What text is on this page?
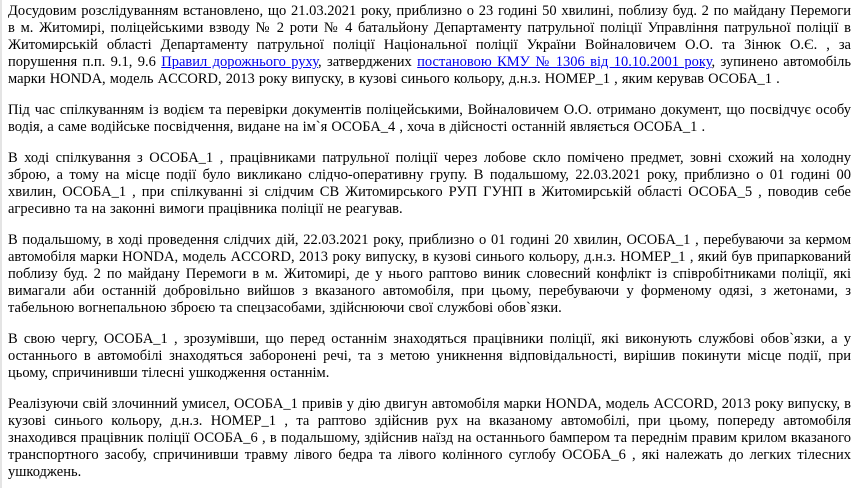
Досудовим розслідуванням встановлено, що 21.03.2021 року, приблизно о 23 годині 50 хвилині, поблизу буд. 2 по майдану Перемоги в м. Житомирі, поліцейськими взводу № 2 роти № 4 батальйону Департаменту патрульної поліції Управління патрульної поліції в Житомирській області Департаменту патрульної поліції Національної поліції України Войналовичем О.О. та Зінюк О.Є. , за порушення п.п. 9.1, 9.6 Правил дорожнього руху, затверджених постановою КМУ № 1306 від 10.10.2001 року, зупинено автомобіль марки HONDA, модель ACCORD, 2013 року випуску, в кузові синього кольору, д.н.з. НОМЕР_1 , яким керував ОСОБА_1 .

Під час спілкуванням із водієм та перевірки документів поліцейськими, Войналовичем О.О. отримано документ, що посвідчує особу водія, а саме водійське посвідчення, видане на ім`я ОСОБА_4 , хоча в дійсності останній являється ОСОБА_1 .

В ході спілкування з ОСОБА_1 , працівниками патрульної поліції через лобове скло помічено предмет, зовні схожий на холодну зброю, а тому на місце події було викликано слідчо-оперативну групу. В подальшому, 22.03.2021 року, приблизно о 01 годині 00 хвилин, ОСОБА_1 , при спілкуванні зі слідчим СВ Житомирського РУП ГУНП в Житомирській області ОСОБА_5 , поводив себе агресивно та на законні вимоги працівника поліції не реагував.

В подальшому, в ході проведення слідчих дій, 22.03.2021 року, приблизно о 01 годині 20 хвилин, ОСОБА_1 , перебуваючи за кермом автомобіля марки HONDA, модель ACCORD, 2013 року випуску, в кузові синього кольору, д.н.з. НОМЕР_1 , який був припаркований поблизу буд. 2 по майдану Перемоги в м. Житомирі, де у нього раптово виник словесний конфлікт із співробітниками поліції, які вимагали аби останній добровільно вийшов з вказаного автомобіля, при цьому, перебуваючи у форменому одязі, з жетонами, з табельною вогнепальною зброєю та спецзасобами, здійснюючи свої службові обов`язки.

В свою чергу, ОСОБА_1 , зрозумівши, що перед останнім знаходяться працівники поліції, які виконують службові обов`язки, а у останнього в автомобілі знаходяться заборонені речі, та з метою уникнення відповідальності, вирішив покинути місце події, при цьому, спричинивши тілесні ушкодження останнім.

Реалізуючи свій злочинний умисел, ОСОБА_1 привів у дію двигун автомобіля марки HONDA, модель ACCORD, 2013 року випуску, в кузові синього кольору, д.н.з. НОМЕР_1 , та раптово здійснив рух на вказаному автомобілі, при цьому, попереду автомобіля знаходився працівник поліції ОСОБА_6 , в подальшому, здійснив наїзд на останнього бампером та переднім правим крилом вказаного транспортного засобу, спричинивши травму лівого бедра та лівого колінного суглобу ОСОБА_6 , які належать до легких тілесних ушкоджень.
